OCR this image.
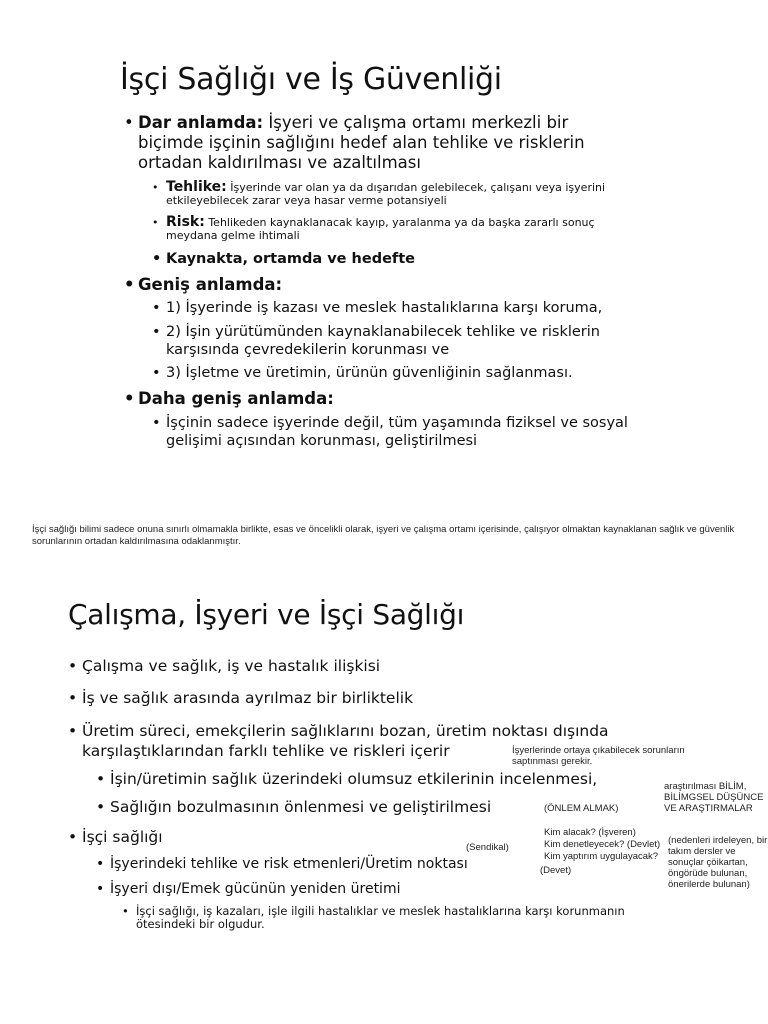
İşçi Sağlığı ve İş Güvenliği
• Dar anlamda: İşyeri ve çalışma ortamı merkezli bir biçimde işçinin sağlığını hedef alan tehlike ve risklerin ortadan kaldırılması ve azaltılması
• Tehlike: İşyerinde var olan ya da dışarıdan gelebilecek, çalışanı veya işyerini etkileyebilecek zarar veya hasar verme potansiyeli
• Risk: Tehlikeden kaynaklanacak kayıp, yaralanma ya da başka zararlı sonuç meydana gelme ihtimali
• Kaynakta, ortamda ve hedefte
• Geniş anlamda:
• 1) İşyerinde iş kazası ve meslek hastalıklarına karşı koruma,
• 2) İşin yürütümünden kaynaklanabilecek tehlike ve risklerin karşısında çevredekilerin korunması ve
• 3) İşletme ve üretimin, ürünün güvenliğinin sağlanması.
• Daha geniş anlamda:
• İşçinin sadece işyerinde değil, tüm yaşamında fiziksel ve sosyal gelişimi açısından korunması, geliştirilmesi
İşçi sağlığı bilimi sadece onuna sınırlı olmamakla birlikte, esas ve öncelikli olarak, işyeri ve çalışma ortamı içerisinde, çalışıyor olmaktan kaynaklanan sağlık ve güvenlik sorunlarının ortadan kaldırılmasına odaklanmıştır.
Çalışma, İşyeri ve İşçi Sağlığı
• Çalışma ve sağlık, iş ve hastalık ilişkisi
• İş ve sağlık arasında ayrılmaz bir birliktelik
• Üretim süreci, emekçilerin sağlıklarını bozan, üretim noktası dışında karşılaştıklarından farklı tehlike ve riskleri içerir
• İşin/üretimin sağlık üzerindeki olumsuz etkilerinin incelenmesi,
• Sağlığın bozulmasının önlenmesi ve geliştirilmesi
• İşçi sağlığı
• İşyerindeki tehlike ve risk etmenleri/Üretim noktası
• İşyeri dışı/Emek gücünün yeniden üretimi
• İşçi sağlığı, iş kazaları, işle ilgili hastalıklar ve meslek hastalıklarına karşı korunmanın ötesindeki bir olgudur.
İşyerlerinde ortaya çıkabilecek sorunların saptınması gerekir.
araştırılması BİLİM, BİLİMGSEL DÜŞÜNCE VE ARAŞTIRMALAR
(nedenleri irdeleyen, bir takım dersler ve sonuçlar çöikartan, öngörüde bulunan, önerilerde bulunan)
(ÖNLEM ALMAK)
Kim alacak? (İşveren)
Kim denetleyecek? (Devlet)
Kim yaptırım uygulayacak?
(Sendikal)
(Devet)
